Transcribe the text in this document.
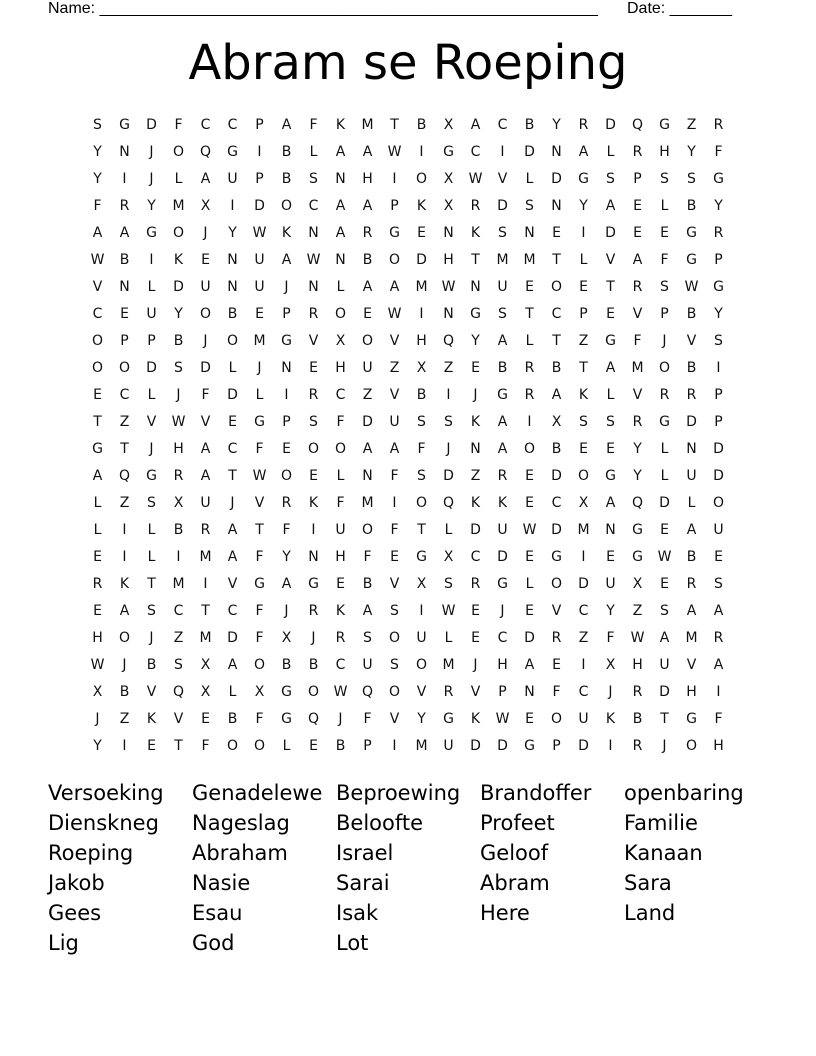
Name: ________________________________________________________ Date: _______
Abram se Roeping
S	G	D	F	C	C	P	A	F	K	M	T	B	X	A	C	B	Y	R	D	Q	G	Z	R
Y	N	J	O	Q	G	I	B	L	A	A	W	I	G	C	I	D	N	A	L	R	H	Y	F
Y	I	J	L	A	U	P	B	S	N	H	I	O	X	W	V	L	D	G	S	P	S	S	G
F	R	Y	M	X	I	D	O	C	A	A	P	K	X	R	D	S	N	Y	A	E	L	B	Y
A	A	G	O	J	Y	W	K	N	A	R	G	E	N	K	S	N	E	I	D	E	E	G	R
W	B	I	K	E	N	U	A	W	N	B	O	D	H	T	M	M	T	L	V	A	F	G	P
V	N	L	D	U	N	U	J	N	L	A	A	M	W	N	U	E	O	E	T	R	S	W	G
C	E	U	Y	O	B	E	P	R	O	E	W	I	N	G	S	T	C	P	E	V	P	B	Y
O	P	P	B	J	O	M	G	V	X	O	V	H	Q	Y	A	L	T	Z	G	F	J	V	S
O	O	D	S	D	L	J	N	E	H	U	Z	X	Z	E	B	R	B	T	A	M	O	B	I
E	C	L	J	F	D	L	I	R	C	Z	V	B	I	J	G	R	A	K	L	V	R	R	P
T	Z	V	W	V	E	G	P	S	F	D	U	S	S	K	A	I	X	S	S	R	G	D	P
G	T	J	H	A	C	F	E	O	O	A	A	F	J	N	A	O	B	E	E	Y	L	N	D
A	Q	G	R	A	T	W	O	E	L	N	F	S	D	Z	R	E	D	O	G	Y	L	U	D
L	Z	S	X	U	J	V	R	K	F	M	I	O	Q	K	K	E	C	X	A	Q	D	L	O
L	I	L	B	R	A	T	F	I	U	O	F	T	L	D	U	W	D	M	N	G	E	A	U
E	I	L	I	M	A	F	Y	N	H	F	E	G	X	C	D	E	G	I	E	G	W	B	E
R	K	T	M	I	V	G	A	G	E	B	V	X	S	R	G	L	O	D	U	X	E	R	S
E	A	S	C	T	C	F	J	R	K	A	S	I	W	E	J	E	V	C	Y	Z	S	A	A
H	O	J	Z	M	D	F	X	J	R	S	O	U	L	E	C	D	R	Z	F	W	A	M	R
W	J	B	S	X	A	O	B	B	C	U	S	O	M	J	H	A	E	I	X	H	U	V	A
X	B	V	Q	X	L	X	G	O	W	Q	O	V	R	V	P	N	F	C	J	R	D	H	I
J	Z	K	V	E	B	F	G	Q	J	F	V	Y	G	K	W	E	O	U	K	B	T	G	F
Y	I	E	T	F	O	O	L	E	B	P	I	M	U	D	D	G	P	D	I	R	J	O	H
Versoeking	Genadelewe Beproewing Brandoffer	openbaring
Dienskneg	Nageslag	Beloofte	Profeet	Familie
Roeping	Abraham	Israel	Geloof	Kanaan
Jakob	Nasie	Sarai	Abram	Sara
Gees	Esau	Isak	Here	Land
Lig	God	Lot
